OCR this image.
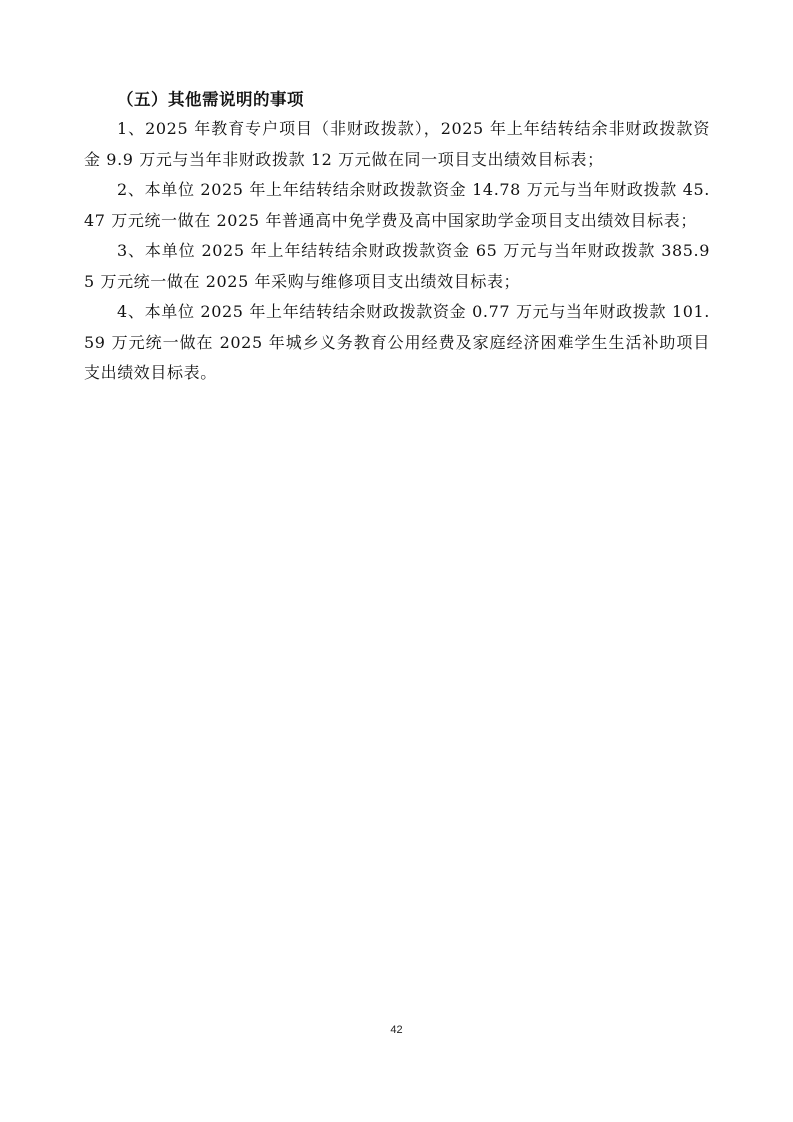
（五）其他需说明的事项

1、2025 年教育专户项目（非财政拨款），2025 年上年结转结余非财政拨款资金 9.9 万元与当年非财政拨款 12 万元做在同一项目支出绩效目标表；

2、本单位 2025 年上年结转结余财政拨款资金 14.78 万元与当年财政拨款 45.47 万元统一做在 2025 年普通高中免学费及高中国家助学金项目支出绩效目标表；

3、本单位 2025 年上年结转结余财政拨款资金 65 万元与当年财政拨款 385.95 万元统一做在 2025 年采购与维修项目支出绩效目标表；

4、本单位 2025 年上年结转结余财政拨款资金 0.77 万元与当年财政拨款 101.59 万元统一做在 2025 年城乡义务教育公用经费及家庭经济困难学生生活补助项目支出绩效目标表。

42
